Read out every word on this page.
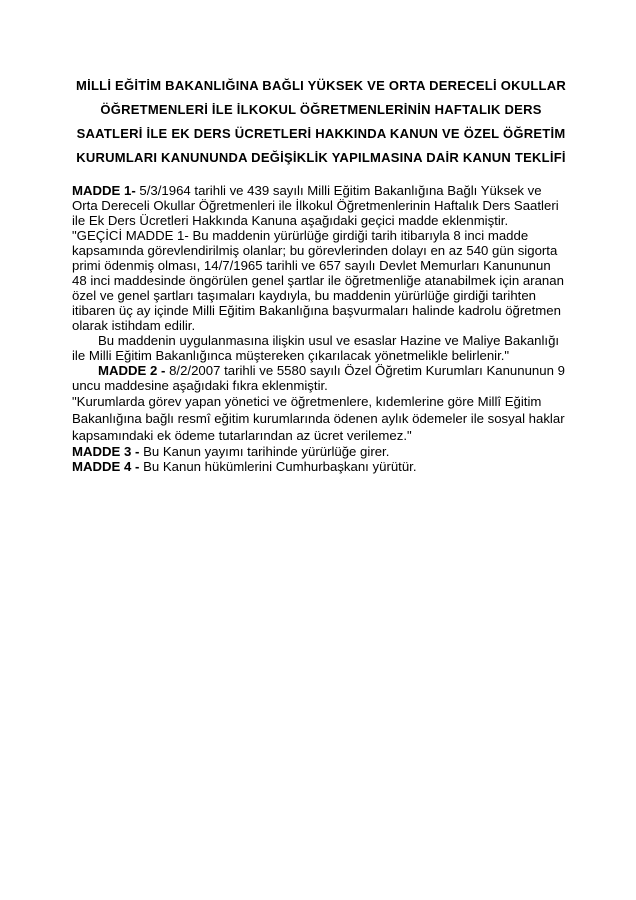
MİLLİ EĞİTİM BAKANLIĞINA BAĞLI YÜKSEK VE ORTA DERECELİ OKULLAR
ÖĞRETMENLERİ İLE İLKOKUL ÖĞRETMENLERİNİN HAFTALIK DERS
SAATLERİ İLE EK DERS ÜCRETLERİ HAKKINDA KANUN VE ÖZEL ÖĞRETİM
KURUMLARI KANUNUNDA DEĞİŞİKLİK YAPILMASINA DAİR KANUN TEKLİFİ

MADDE 1- 5/3/1964 tarihli ve 439 sayılı Milli Eğitim Bakanlığına Bağlı Yüksek ve Orta Dereceli Okullar Öğretmenleri ile İlkokul Öğretmenlerinin Haftalık Ders Saatleri ile Ek Ders Ücretleri Hakkında Kanuna aşağıdaki geçici madde eklenmiştir.

"GEÇİCİ MADDE 1- Bu maddenin yürürlüğe girdiği tarih itibarıyla 8 inci madde kapsamında görevlendirilmiş olanlar; bu görevlerinden dolayı en az 540 gün sigorta primi ödenmiş olması, 14/7/1965 tarihli ve 657 sayılı Devlet Memurları Kanununun 48 inci maddesinde öngörülen genel şartlar ile öğretmenliğe atanabilmek için aranan özel ve genel şartları taşımaları kaydıyla, bu maddenin yürürlüğe girdiği tarihten itibaren üç ay içinde Milli Eğitim Bakanlığına başvurmaları halinde kadrolu öğretmen olarak istihdam edilir.

Bu maddenin uygulanmasına ilişkin usul ve esaslar Hazine ve Maliye Bakanlığı ile Milli Eğitim Bakanlığınca müştereken çıkarılacak yönetmelikle belirlenir."

MADDE 2 - 8/2/2007 tarihli ve 5580 sayılı Özel Öğretim Kurumları Kanununun 9 uncu maddesine aşağıdaki fıkra eklenmiştir.

"Kurumlarda görev yapan yönetici ve öğretmenlere, kıdemlerine göre Millî Eğitim Bakanlığına bağlı resmî eğitim kurumlarında ödenen aylık ödemeler ile sosyal haklar kapsamındaki ek ödeme tutarlarından az ücret verilemez."

MADDE 3 - Bu Kanun yayımı tarihinde yürürlüğe girer.

MADDE 4 - Bu Kanun hükümlerini Cumhurbaşkanı yürütür.
